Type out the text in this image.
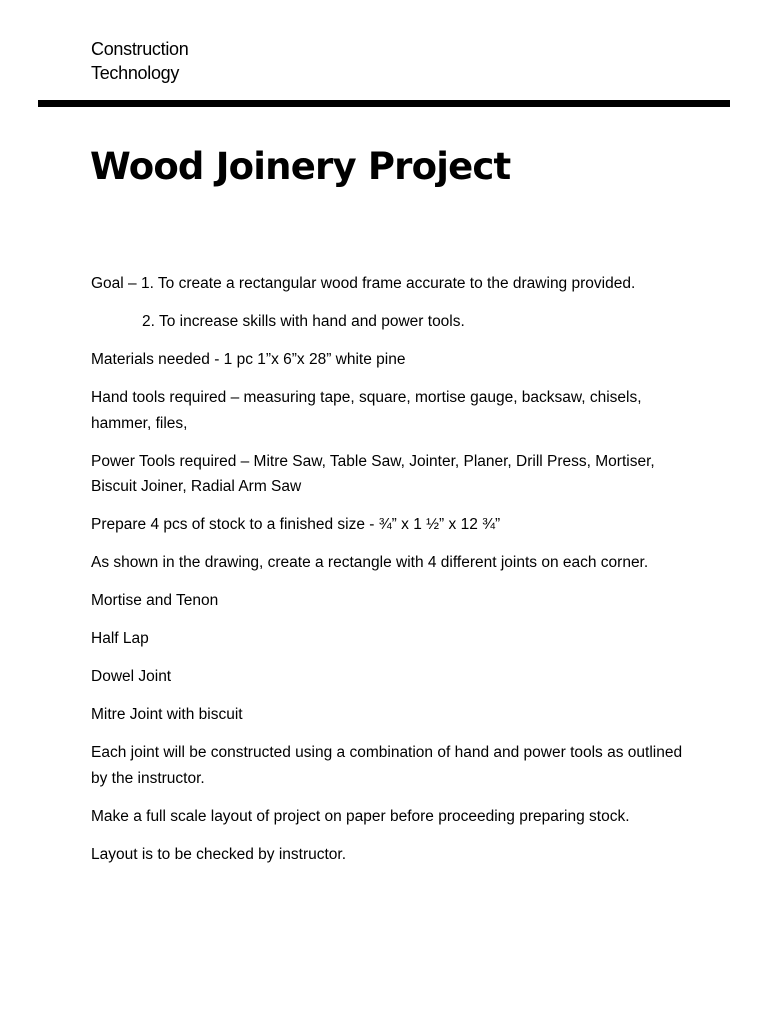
Construction
Technology
Wood Joinery Project

Goal – 1. To create a rectangular wood frame accurate to the drawing provided.

2. To increase skills with hand and power tools.

Materials needed - 1 pc 1”x 6”x 28” white pine

Hand tools required – measuring tape, square, mortise gauge, backsaw, chisels, hammer, files,

Power Tools required – Mitre Saw, Table Saw, Jointer, Planer, Drill Press, Mortiser, Biscuit Joiner, Radial Arm Saw

Prepare 4 pcs of stock to a finished size - ¾” x 1 ½” x 12 ¾”

As shown in the drawing, create a rectangle with 4 different joints on each corner.

Mortise and Tenon

Half Lap

Dowel Joint

Mitre Joint with biscuit

Each joint will be constructed using a combination of hand and power tools as outlined by the instructor.

Make a full scale layout of project on paper before proceeding preparing stock.

Layout is to be checked by instructor.
